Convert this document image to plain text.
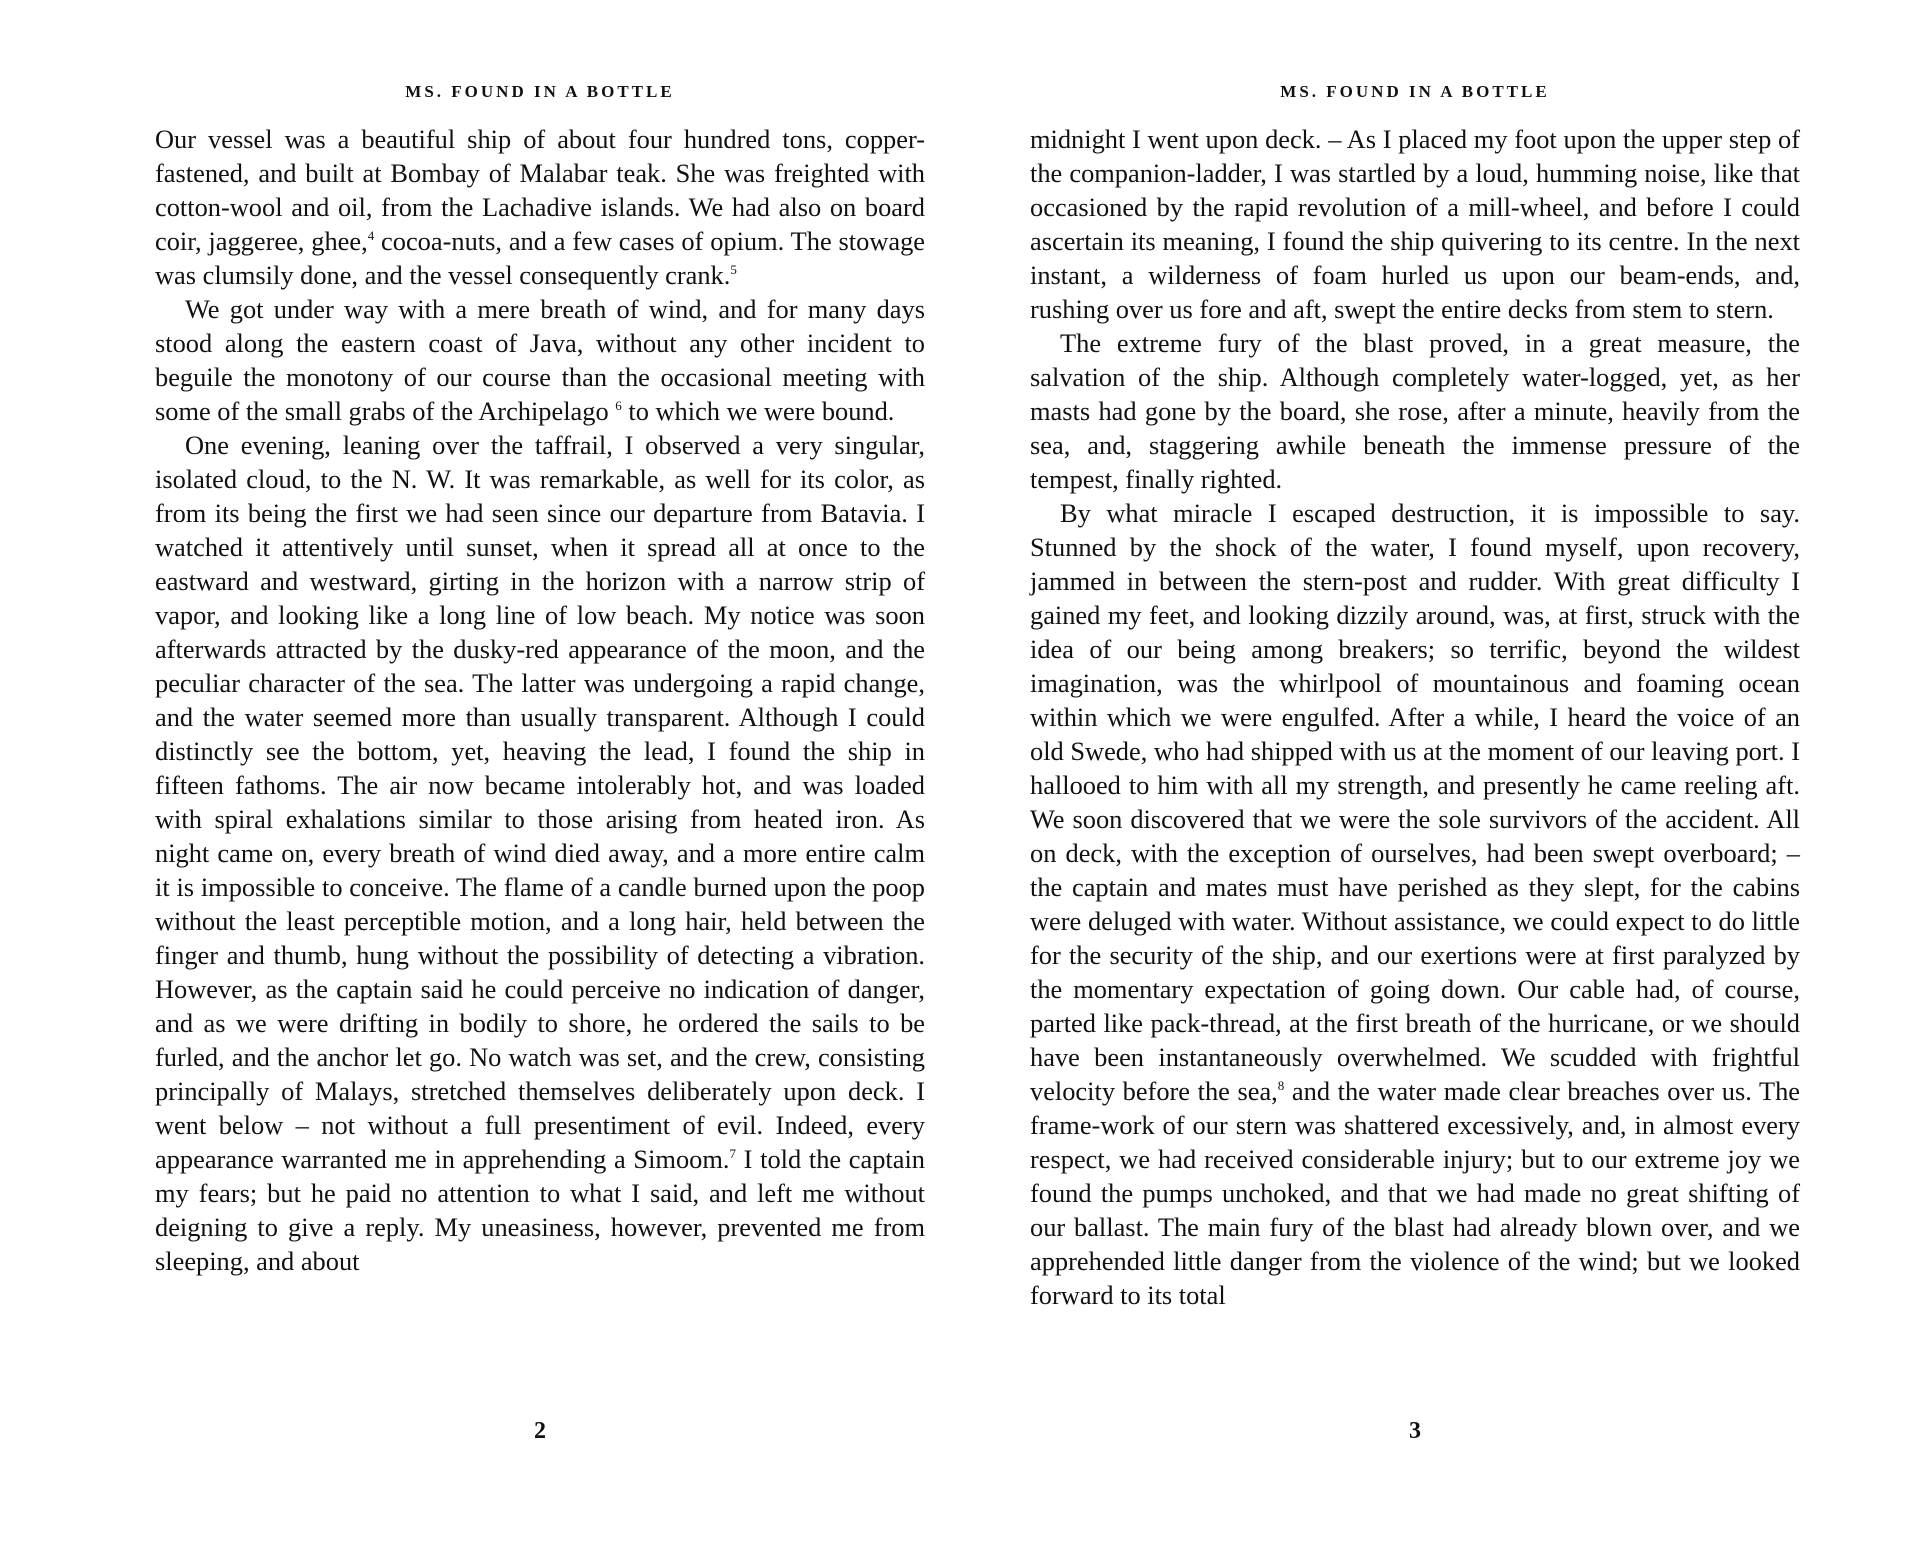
MS. FOUND IN A BOTTLE

Our vessel was a beautiful ship of about four hundred tons, copper-fastened, and built at Bombay of Malabar teak. She was freighted with cotton-wool and oil, from the Lachadive islands. We had also on board coir, jaggeree, ghee,$^4$ cocoa-nuts, and a few cases of opium. The stowage was clumsily done, and the vessel consequently crank.$^5$

We got under way with a mere breath of wind, and for many days stood along the eastern coast of Java, without any other incident to beguile the monotony of our course than the occasional meeting with some of the small grabs of the Archipelago $^6$ to which we were bound.

One evening, leaning over the taffrail, I observed a very singular, isolated cloud, to the N. W. It was remarkable, as well for its color, as from its being the first we had seen since our departure from Batavia. I watched it attentively until sunset, when it spread all at once to the eastward and westward, girting in the horizon with a narrow strip of vapor, and looking like a long line of low beach. My notice was soon afterwards attracted by the dusky-red appearance of the moon, and the peculiar character of the sea. The latter was undergoing a rapid change, and the water seemed more than usually transparent. Although I could distinctly see the bottom, yet, heaving the lead, I found the ship in fifteen fathoms. The air now became intolerably hot, and was loaded with spiral exhalations similar to those arising from heated iron. As night came on, every breath of wind died away, and a more entire calm it is impossible to conceive. The flame of a candle burned upon the poop without the least perceptible motion, and a long hair, held between the finger and thumb, hung without the possibility of detecting a vibration. However, as the captain said he could perceive no indication of danger, and as we were drifting in bodily to shore, he ordered the sails to be furled, and the anchor let go. No watch was set, and the crew, consisting principally of Malays, stretched themselves deliberately upon deck. I went below – not without a full presentiment of evil. Indeed, every appearance warranted me in apprehending a Simoom.$^7$ I told the captain my fears; but he paid no attention to what I said, and left me without deigning to give a reply. My uneasiness, however, prevented me from sleeping, and about

2
MS. FOUND IN A BOTTLE

midnight I went upon deck. – As I placed my foot upon the upper step of the companion-ladder, I was startled by a loud, humming noise, like that occasioned by the rapid revolution of a mill-wheel, and before I could ascertain its meaning, I found the ship quivering to its centre. In the next instant, a wilderness of foam hurled us upon our beam-ends, and, rushing over us fore and aft, swept the entire decks from stem to stern.

The extreme fury of the blast proved, in a great measure, the salvation of the ship. Although completely water-logged, yet, as her masts had gone by the board, she rose, after a minute, heavily from the sea, and, staggering awhile beneath the immense pressure of the tempest, finally righted.

By what miracle I escaped destruction, it is impossible to say. Stunned by the shock of the water, I found myself, upon recovery, jammed in between the stern-post and rudder. With great difficulty I gained my feet, and looking dizzily around, was, at first, struck with the idea of our being among breakers; so terrific, beyond the wildest imagination, was the whirlpool of mountainous and foaming ocean within which we were engulfed. After a while, I heard the voice of an old Swede, who had shipped with us at the moment of our leaving port. I hallooed to him with all my strength, and presently he came reeling aft. We soon discovered that we were the sole survivors of the accident. All on deck, with the exception of ourselves, had been swept overboard; – the captain and mates must have perished as they slept, for the cabins were deluged with water. Without assistance, we could expect to do little for the security of the ship, and our exertions were at first paralyzed by the momentary expectation of going down. Our cable had, of course, parted like pack-thread, at the first breath of the hurricane, or we should have been instantaneously overwhelmed. We scudded with frightful velocity before the sea,$^8$ and the water made clear breaches over us. The frame-work of our stern was shattered excessively, and, in almost every respect, we had received considerable injury; but to our extreme joy we found the pumps unchoked, and that we had made no great shifting of our ballast. The main fury of the blast had already blown over, and we apprehended little danger from the violence of the wind; but we looked forward to its total

3
